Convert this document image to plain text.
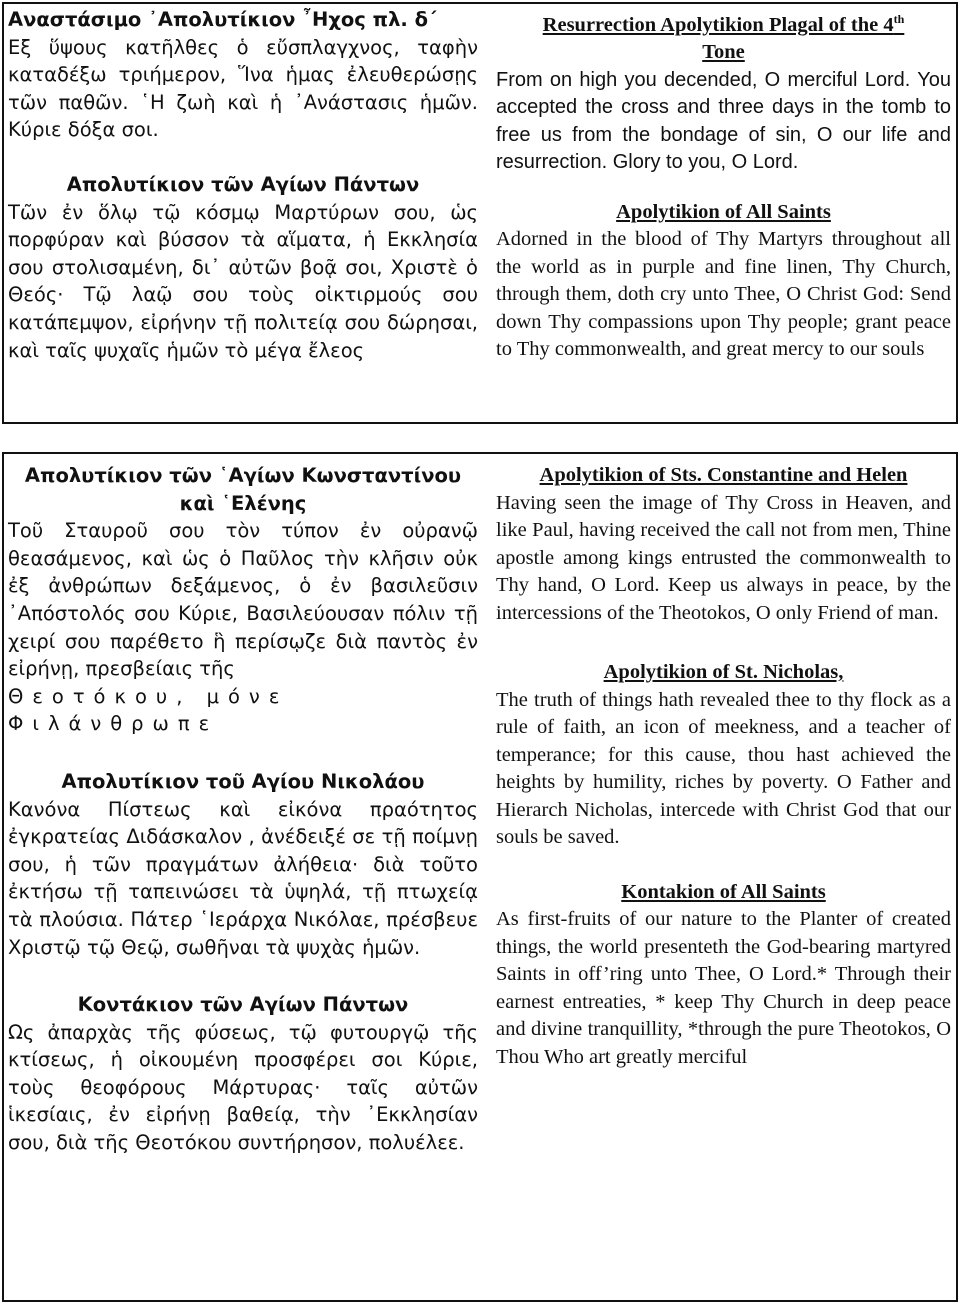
Αναστάσιμο ᾿Απολυτίκιον ῏Ηχος πλ. δ΄
Εξ ὕψους κατῆλθες ὁ εὔσπλαγχνος, ταφὴν καταδέξω τριήμερον, Ἵνα ἡμας ἐλευθερώσῃς τῶν παθῶν. ῾Η ζωὴ καὶ ἡ ᾿Ανάστασις ἡμῶν. Κύριε δόξα σοι.
Απολυτίκιον τῶν Αγίων Πάντων
Τῶν ἐν ὅλῳ τῷ κόσμῳ Μαρτύρων σου, ὡς πορφύραν καὶ βύσσον τὰ αἵματα, ἡ Εκκλησία σου στολισαμένη, δι᾿ αὐτῶν βοᾷ σοι, Χριστὲ ὁ Θεός· Τῷ λαῷ σου τοὺς οἰκτιρμούς σου κατάπεμψον, εἰρήνην τῇ πολιτείᾳ σου δώρησαι, καὶ ταῖς ψυχαῖς ἡμῶν τὸ μέγα ἔλεος
Resurrection Apolytikion Plagal of the 4th
Tone
From on high you decended, O merciful Lord. You accepted the cross and three days in the tomb to free us from the bondage of sin, O our life and resurrection. Glory to you, O Lord.
Apolytikion of All Saints
Adorned in the blood of Thy Martyrs throughout all the world as in purple and fine linen, Thy Church, through them, doth cry unto Thee, O Christ God: Send down Thy compassions upon Thy people; grant peace to Thy commonwealth, and great mercy to our souls
Απολυτίκιον τῶν ῾Αγίων Κωνσταντίνου καὶ ῾Ελένης
Τοῦ Σταυροῦ σου τὸν τύπον ἐν οὐρανῷ θεασάμενος, καὶ ὡς ὁ Παῦλος τὴν κλῆσιν οὐκ ἐξ ἀνθρώπων δεξάμενος, ὁ ἐν βασιλεῦσιν ᾿Απόστολός σου Κύριε, Βασιλεύουσαν πόλιν τῇ χειρί σου παρέθετο ἣ περίσῳζε διὰ παντὸς ἐν εἰρήνῃ, πρεσβείαις τῆς
Θεοτόκου, μόνε Φιλάνθρωπε
Απολυτίκιον τοῦ Αγίου Νικολάου
Κανόνα Πίστεως καὶ εἰκόνα πραότητος ἐγκρατείας Διδάσκαλον , ἀνέδειξέ σε τῇ ποίμνῃ σου, ἡ τῶν πραγμάτων ἀλήθεια· διὰ τοῦτο ἐκτήσω τῇ ταπεινώσει τὰ ὑψηλά, τῇ πτωχείᾳ τὰ πλούσια. Πάτερ ῾Ιεράρχα Νικόλαε, πρέσβευε Χριστῷ τῷ Θεῷ, σωθῆναι τὰ ψυχὰς ἡμῶν.
Κοντάκιον τῶν Αγίων Πάντων
Ως ἀπαρχὰς τῆς φύσεως, τῷ φυτουργῷ τῆς κτίσεως, ἡ οἰκουμένη προσφέρει σοι Κύριε, τοὺς θεοφόρους Μάρτυρας· ταῖς αὐτῶν ἱκεσίαις, ἐν εἰρήνῃ βαθείᾳ, τὴν ᾿Εκκλησίαν σου, διὰ τῆς Θεοτόκου συντήρησον, πολυέλεε.
Apolytikion of Sts. Constantine and Helen
Having seen the image of Thy Cross in Heaven, and like Paul, having received the call not from men, Thine apostle among kings entrusted the commonwealth to Thy hand, O Lord. Keep us always in peace, by the intercessions of the Theotokos, O only Friend of man.
Apolytikion of St. Nicholas,
The truth of things hath revealed thee to thy flock as a rule of faith, an icon of meekness, and a teacher of temperance; for this cause, thou hast achieved the heights by humility, riches by poverty. O Father and Hierarch Nicholas, intercede with Christ God that our souls be saved.
Kontakion of All Saints
As first-fruits of our nature to the Planter of created things, the world presenteth the God-bearing martyred Saints in off’ring unto Thee, O Lord.* Through their earnest entreaties, * keep Thy Church in deep peace and divine tranquillity, *through the pure Theotokos, O Thou Who art greatly merciful
